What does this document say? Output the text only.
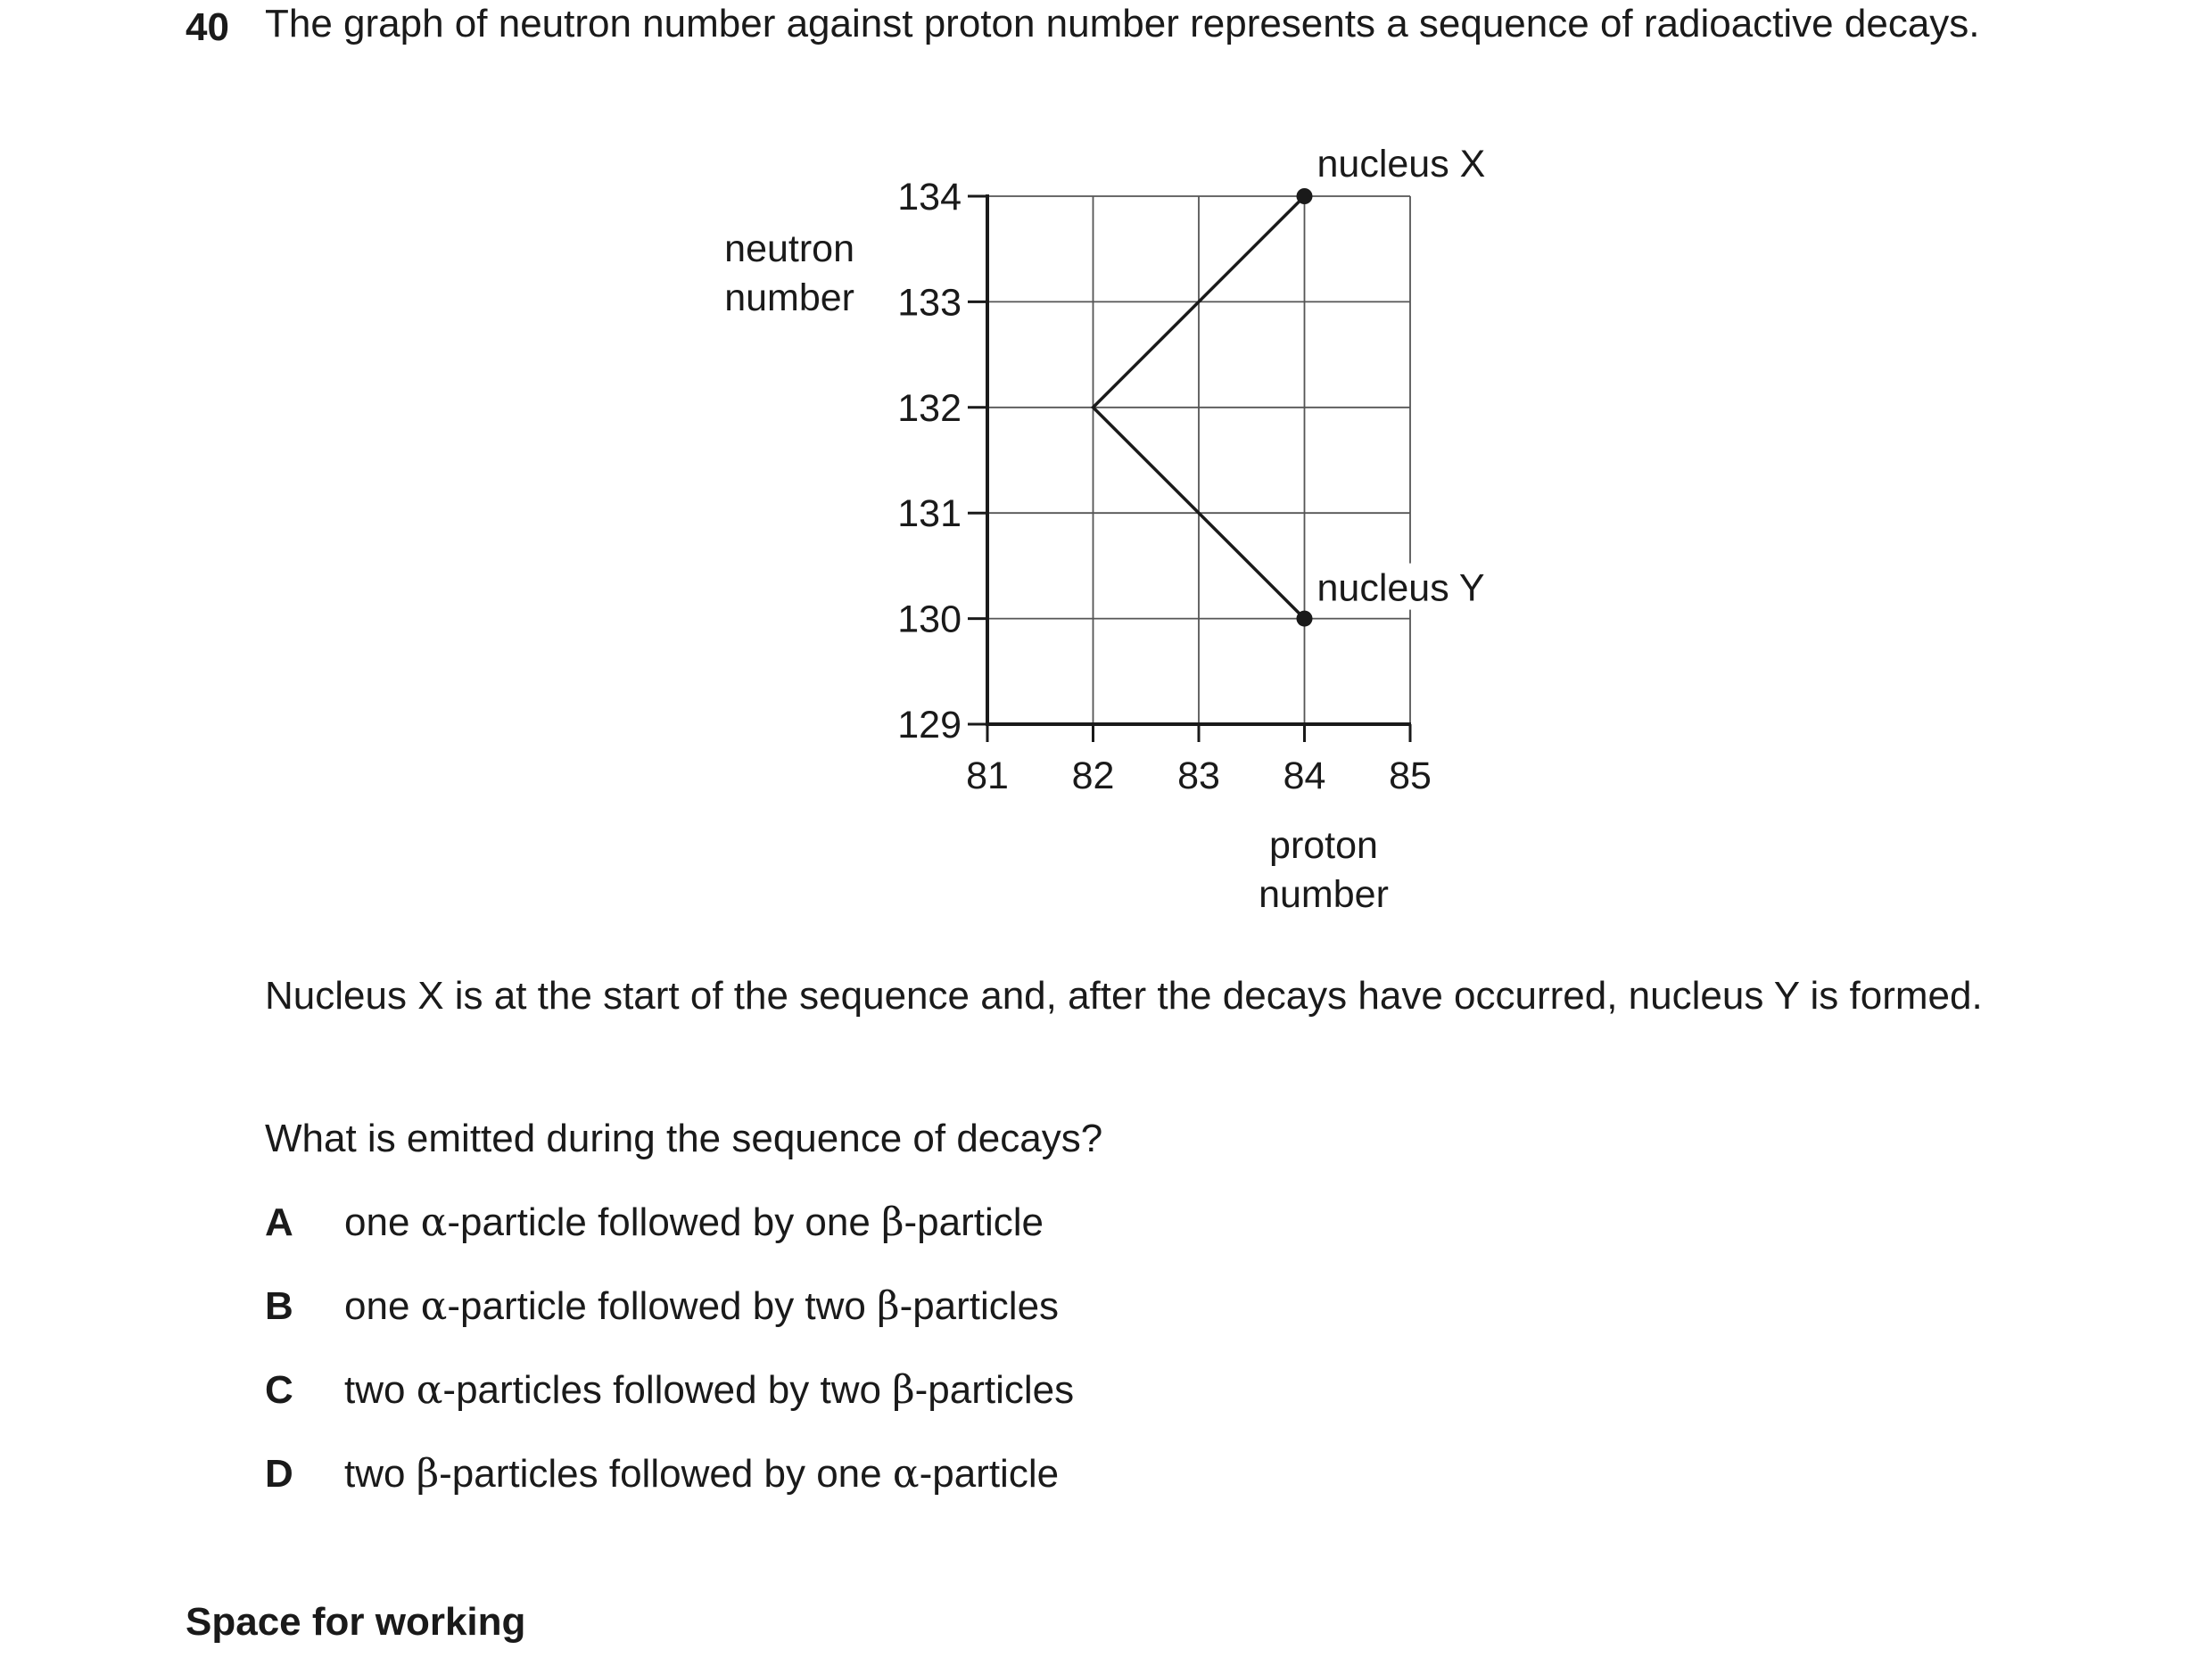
40 The graph of neutron number against proton number represents a sequence of radioactive decays.
81 82 83 84 85
129
130
131
132
133
134
neutron
number
proton
number
nucleus X
nucleus Y
Nucleus X is at the start of the sequence and, after the decays have occurred, nucleus Y is formed.
What is emitted during the sequence of decays?
A one α-particle followed by one β-particle
B one α-particle followed by two β-particles
C two α-particles followed by two β-particles
D two β-particles followed by one α-particle
Space for working
